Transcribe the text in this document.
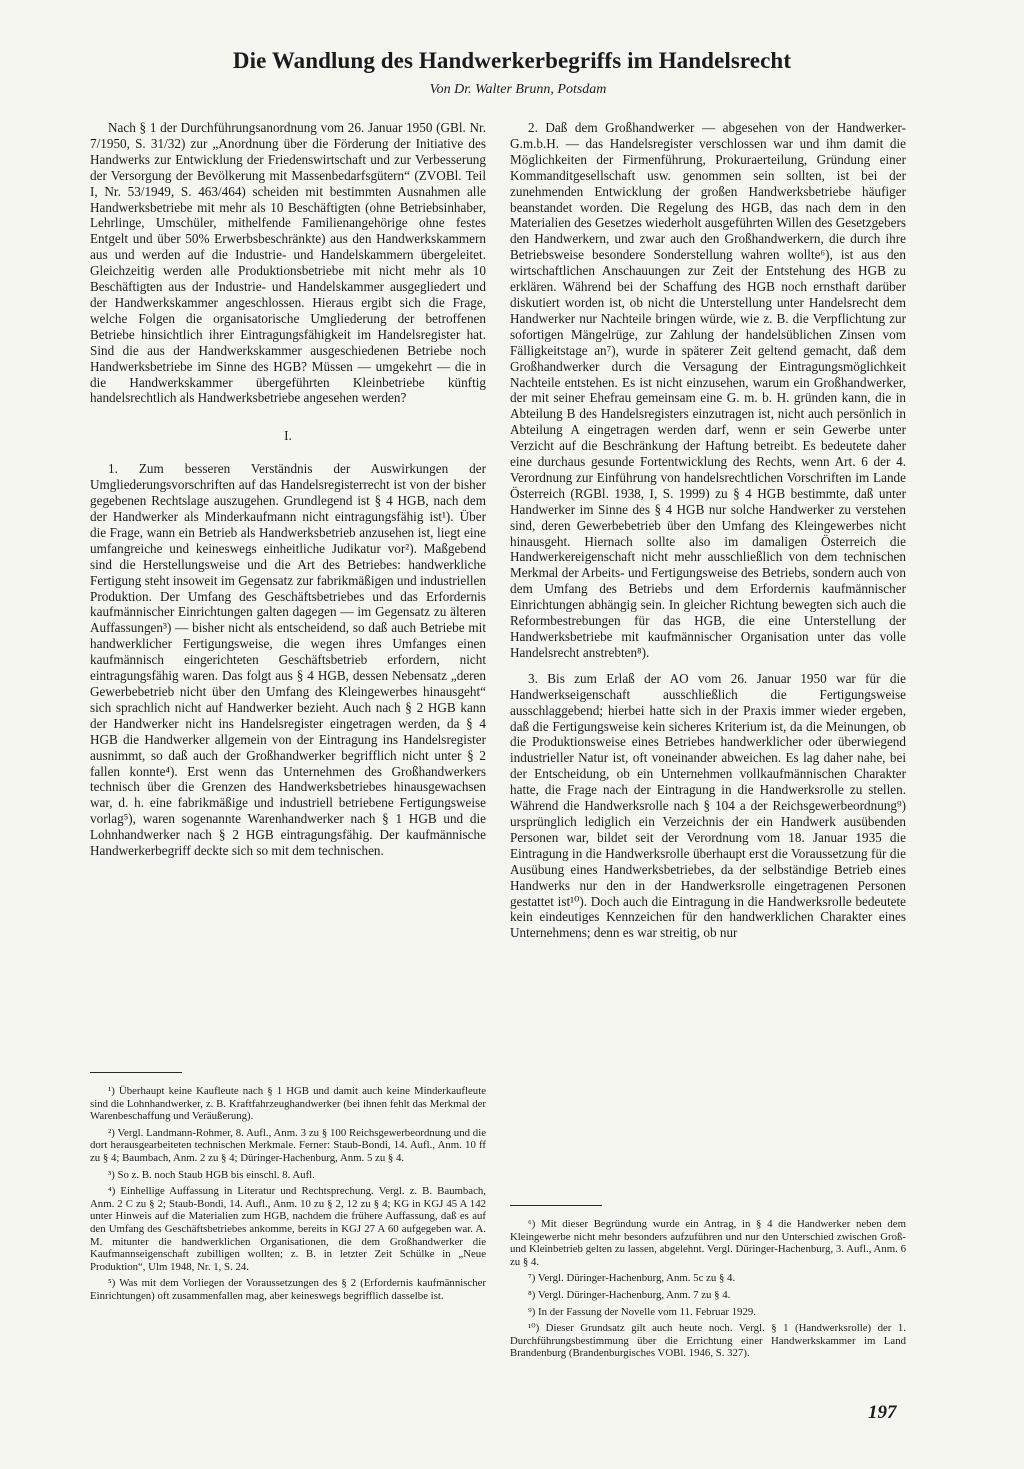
Die Wandlung des Handwerkerbegriffs im Handelsrecht
Von Dr. Walter Brunn, Potsdam

Nach § 1 der Durchführungsanordnung vom 26. Januar 1950 (GBl. Nr. 7/1950, S. 31/32) zur „Anordnung über die Förderung der Initiative des Handwerks zur Entwicklung der Friedenswirtschaft und zur Verbesserung der Versorgung der Bevölkerung mit Massenbedarfsgütern“ (ZVOBl. Teil I, Nr. 53/1949, S. 463/464) scheiden mit bestimmten Ausnahmen alle Handwerksbetriebe mit mehr als 10 Beschäftigten (ohne Betriebsinhaber, Lehrlinge, Umschüler, mithelfende Familienangehörige ohne festes Entgelt und über 50% Erwerbsbeschränkte) aus den Handwerkskammern aus und werden auf die Industrie- und Handelskammern übergeleitet. Gleichzeitig werden alle Produktionsbetriebe mit nicht mehr als 10 Beschäftigten aus der Industrie- und Handelskammer ausgegliedert und der Handwerkskammer angeschlossen. Hieraus ergibt sich die Frage, welche Folgen die organisatorische Umgliederung der betroffenen Betriebe hinsichtlich ihrer Eintragungsfähigkeit im Handelsregister hat. Sind die aus der Handwerkskammer ausgeschiedenen Betriebe noch Handwerksbetriebe im Sinne des HGB? Müssen — umgekehrt — die in die Handwerkskammer übergeführten Kleinbetriebe künftig handelsrechtlich als Handwerksbetriebe angesehen werden?

I.

1. Zum besseren Verständnis der Auswirkungen der Umgliederungsvorschriften auf das Handelsregisterrecht ist von der bisher gegebenen Rechtslage auszugehen. Grundlegend ist § 4 HGB, nach dem der Handwerker als Minderkaufmann nicht eintragungsfähig ist¹). Über die Frage, wann ein Betrieb als Handwerksbetrieb anzusehen ist, liegt eine umfangreiche und keineswegs einheitliche Judikatur vor²). Maßgebend sind die Herstellungsweise und die Art des Betriebes: handwerkliche Fertigung steht insoweit im Gegensatz zur fabrikmäßigen und industriellen Produktion. Der Umfang des Geschäftsbetriebes und das Erfordernis kaufmännischer Einrichtungen galten dagegen — im Gegensatz zu älteren Auffassungen³) — bisher nicht als entscheidend, so daß auch Betriebe mit handwerklicher Fertigungsweise, die wegen ihres Umfanges einen kaufmännisch eingerichteten Geschäftsbetrieb erfordern, nicht eintragungsfähig waren. Das folgt aus § 4 HGB, dessen Nebensatz „deren Gewerbebetrieb nicht über den Umfang des Kleingewerbes hinausgeht“ sich sprachlich nicht auf Handwerker bezieht. Auch nach § 2 HGB kann der Handwerker nicht ins Handelsregister eingetragen werden, da § 4 HGB die Handwerker allgemein von der Eintragung ins Handelsregister ausnimmt, so daß auch der Großhandwerker begrifflich nicht unter § 2 fallen konnte⁴). Erst wenn das Unternehmen des Großhandwerkers technisch über die Grenzen des Handwerksbetriebes hinausgewachsen war, d. h. eine fabrikmäßige und industriell betriebene Fertigungsweise vorlag⁵), waren sogenannte Warenhandwerker nach § 1 HGB und die Lohnhandwerker nach § 2 HGB eintragungsfähig. Der kaufmännische Handwerkerbegriff deckte sich so mit dem technischen.

2. Daß dem Großhandwerker — abgesehen von der Handwerker-G.m.b.H. — das Handelsregister verschlossen war und ihm damit die Möglichkeiten der Firmenführung, Prokuraerteilung, Gründung einer Kommanditgesellschaft usw. genommen sein sollten, ist bei der zunehmenden Entwicklung der großen Handwerksbetriebe häufiger beanstandet worden. Die Regelung des HGB, das nach dem in den Materialien des Gesetzes wiederholt ausgeführten Willen des Gesetzgebers den Handwerkern, und zwar auch den Großhandwerkern, die durch ihre Betriebsweise besondere Sonderstellung wahren wollte⁶), ist aus den wirtschaftlichen Anschauungen zur Zeit der Entstehung des HGB zu erklären. Während bei der Schaffung des HGB noch ernsthaft darüber diskutiert worden ist, ob nicht die Unterstellung unter Handelsrecht dem Handwerker nur Nachteile bringen würde, wie z. B. die Verpflichtung zur sofortigen Mängelrüge, zur Zahlung der handelsüblichen Zinsen vom Fälligkeitstage an⁷), wurde in späterer Zeit geltend gemacht, daß dem Großhandwerker durch die Versagung der Eintragungsmöglichkeit Nachteile entstehen. Es ist nicht einzusehen, warum ein Großhandwerker, der mit seiner Ehefrau gemeinsam eine G. m. b. H. gründen kann, die in Abteilung B des Handelsregisters einzutragen ist, nicht auch persönlich in Abteilung A eingetragen werden darf, wenn er sein Gewerbe unter Verzicht auf die Beschränkung der Haftung betreibt. Es bedeutete daher eine durchaus gesunde Fortentwicklung des Rechts, wenn Art. 6 der 4. Verordnung zur Einführung von handelsrechtlichen Vorschriften im Lande Österreich (RGBl. 1938, I, S. 1999) zu § 4 HGB bestimmte, daß unter Handwerker im Sinne des § 4 HGB nur solche Handwerker zu verstehen sind, deren Gewerbebetrieb über den Umfang des Kleingewerbes nicht hinausgeht. Hiernach sollte also im damaligen Österreich die Handwerkereigenschaft nicht mehr ausschließlich von dem technischen Merkmal der Arbeits- und Fertigungsweise des Betriebs, sondern auch von dem Umfang des Betriebs und dem Erfordernis kaufmännischer Einrichtungen abhängig sein. In gleicher Richtung bewegten sich auch die Reformbestrebungen für das HGB, die eine Unterstellung der Handwerksbetriebe mit kaufmännischer Organisation unter das volle Handelsrecht anstrebten⁸).

3. Bis zum Erlaß der AO vom 26. Januar 1950 war für die Handwerkseigenschaft ausschließlich die Fertigungsweise ausschlaggebend; hierbei hatte sich in der Praxis immer wieder ergeben, daß die Fertigungsweise kein sicheres Kriterium ist, da die Meinungen, ob die Produktionsweise eines Betriebes handwerklicher oder überwiegend industrieller Natur ist, oft voneinander abweichen. Es lag daher nahe, bei der Entscheidung, ob ein Unternehmen vollkaufmännischen Charakter hatte, die Frage nach der Eintragung in die Handwerksrolle zu stellen. Während die Handwerksrolle nach § 104 a der Reichsgewerbeordnung⁹) ursprünglich lediglich ein Verzeichnis der ein Handwerk ausübenden Personen war, bildet seit der Verordnung vom 18. Januar 1935 die Eintragung in die Handwerksrolle überhaupt erst die Voraussetzung für die Ausübung eines Handwerksbetriebes, da der selbständige Betrieb eines Handwerks nur den in der Handwerksrolle eingetragenen Personen gestattet ist¹⁰). Doch auch die Eintragung in die Handwerksrolle bedeutete kein eindeutiges Kennzeichen für den handwerklichen Charakter eines Unternehmens; denn es war streitig, ob nur

¹) Überhaupt keine Kaufleute nach § 1 HGB und damit auch keine Minderkaufleute sind die Lohnhandwerker, z. B. Kraftfahrzeughandwerker (bei ihnen fehlt das Merkmal der Warenbeschaffung und Veräußerung).

²) Vergl. Landmann-Rohmer, 8. Aufl., Anm. 3 zu § 100 Reichsgewerbeordnung und die dort herausgearbeiteten technischen Merkmale. Ferner: Staub-Bondi, 14. Aufl., Anm. 10 ff zu § 4; Baumbach, Anm. 2 zu § 4; Düringer-Hachenburg, Anm. 5 zu § 4.

³) So z. B. noch Staub HGB bis einschl. 8. Aufl.

⁴) Einhellige Auffassung in Literatur und Rechtsprechung. Vergl. z. B. Baumbach, Anm. 2 C zu § 2; Staub-Bondi, 14. Aufl., Anm. 10 zu § 2, 12 zu § 4; KG in KGJ 45 A 142 unter Hinweis auf die Materialien zum HGB, nachdem die frühere Auffassung, daß es auf den Umfang des Geschäftsbetriebes ankomme, bereits in KGJ 27 A 60 aufgegeben war. A. M. mitunter die handwerklichen Organisationen, die dem Großhandwerker die Kaufmannseigenschaft zubilligen wollten; z. B. in letzter Zeit Schülke in „Neue Produktion“, Ulm 1948, Nr. 1, S. 24.

⁵) Was mit dem Vorliegen der Voraussetzungen des § 2 (Erfordernis kaufmännischer Einrichtungen) oft zusammenfallen mag, aber keineswegs begrifflich dasselbe ist.

⁶) Mit dieser Begründung wurde ein Antrag, in § 4 die Handwerker neben dem Kleingewerbe nicht mehr besonders aufzuführen und nur den Unterschied zwischen Groß- und Kleinbetrieb gelten zu lassen, abgelehnt. Vergl. Düringer-Hachenburg, 3. Aufl., Anm. 6 zu § 4.

⁷) Vergl. Düringer-Hachenburg, Anm. 5c zu § 4.

⁸) Vergl. Düringer-Hachenburg, Anm. 7 zu § 4.

⁹) In der Fassung der Novelle vom 11. Februar 1929.

¹⁰) Dieser Grundsatz gilt auch heute noch. Vergl. § 1 (Handwerksrolle) der 1. Durchführungsbestimmung über die Errichtung einer Handwerkskammer im Land Brandenburg (Brandenburgisches VOBl. 1946, S. 327).

197
